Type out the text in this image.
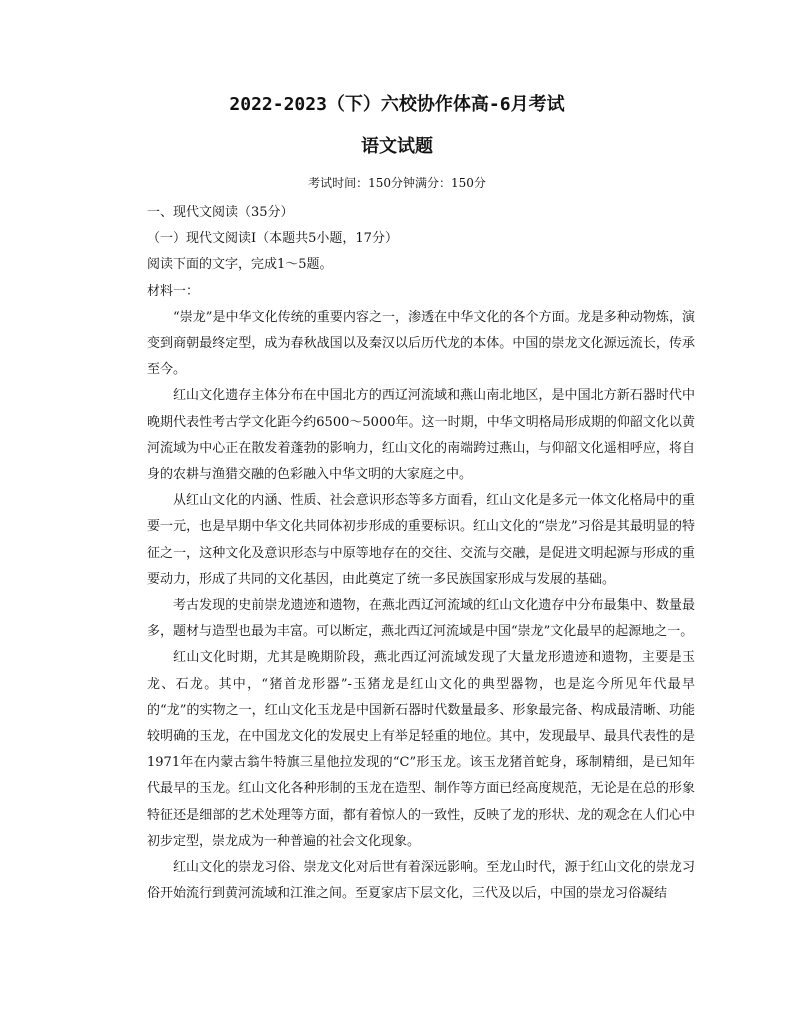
2022-2023（下）六校协作体高-6月考试
语文试题
考试时间：150分钟满分：150分

一、现代文阅读（35分）

（一）现代文阅读I（本题共5小题，17分）

阅读下面的文字，完成1～5题。

材料一：

“崇龙”是中华文化传统的重要内容之一，渗透在中华文化的各个方面。龙是多种动物炼，演变到商朝最终定型，成为春秋战国以及秦汉以后历代龙的本体。中国的崇龙文化源远流长，传承至今。

红山文化遗存主体分布在中国北方的西辽河流域和燕山南北地区，是中国北方新石器时代中晚期代表性考古学文化距今约6500～5000年。这一时期，中华文明格局形成期的仰韶文化以黄河流域为中心正在散发着蓬勃的影响力，红山文化的南端跨过燕山，与仰韶文化遥相呼应，将自身的农耕与渔猎交融的色彩融入中华文明的大家庭之中。

从红山文化的内涵、性质、社会意识形态等多方面看，红山文化是多元一体文化格局中的重要一元，也是早期中华文化共同体初步形成的重要标识。红山文化的“崇龙”习俗是其最明显的特征之一，这种文化及意识形态与中原等地存在的交往、交流与交融，是促进文明起源与形成的重要动力，形成了共同的文化基因，由此奠定了统一多民族国家形成与发展的基础。

考古发现的史前崇龙遗迹和遗物，在燕北西辽河流域的红山文化遗存中分布最集中、数量最多，题材与造型也最为丰富。可以断定，燕北西辽河流域是中国“崇龙”文化最早的起源地之一。

红山文化时期，尤其是晚期阶段，燕北西辽河流域发现了大量龙形遗迹和遗物，主要是玉龙、石龙。其中，“猪首龙形器”-玉猪龙是红山文化的典型器物，也是迄今所见年代最早的“龙”的实物之一，红山文化玉龙是中国新石器时代数量最多、形象最完备、构成最清晰、功能较明确的玉龙，在中国龙文化的发展史上有举足轻重的地位。其中，发现最早、最具代表性的是1971年在内蒙古翁牛特旗三星他拉发现的“C”形玉龙。该玉龙猪首蛇身，琢制精细，是已知年代最早的玉龙。红山文化各种形制的玉龙在造型、制作等方面已经高度规范，无论是在总的形象特征还是细部的艺术处理等方面，都有着惊人的一致性，反映了龙的形状、龙的观念在人们心中初步定型，崇龙成为一种普遍的社会文化现象。

红山文化的崇龙习俗、崇龙文化对后世有着深远影响。至龙山时代，源于红山文化的崇龙习俗开始流行到黄河流域和江淮之间。至夏家店下层文化，三代及以后，中国的崇龙习俗凝结
